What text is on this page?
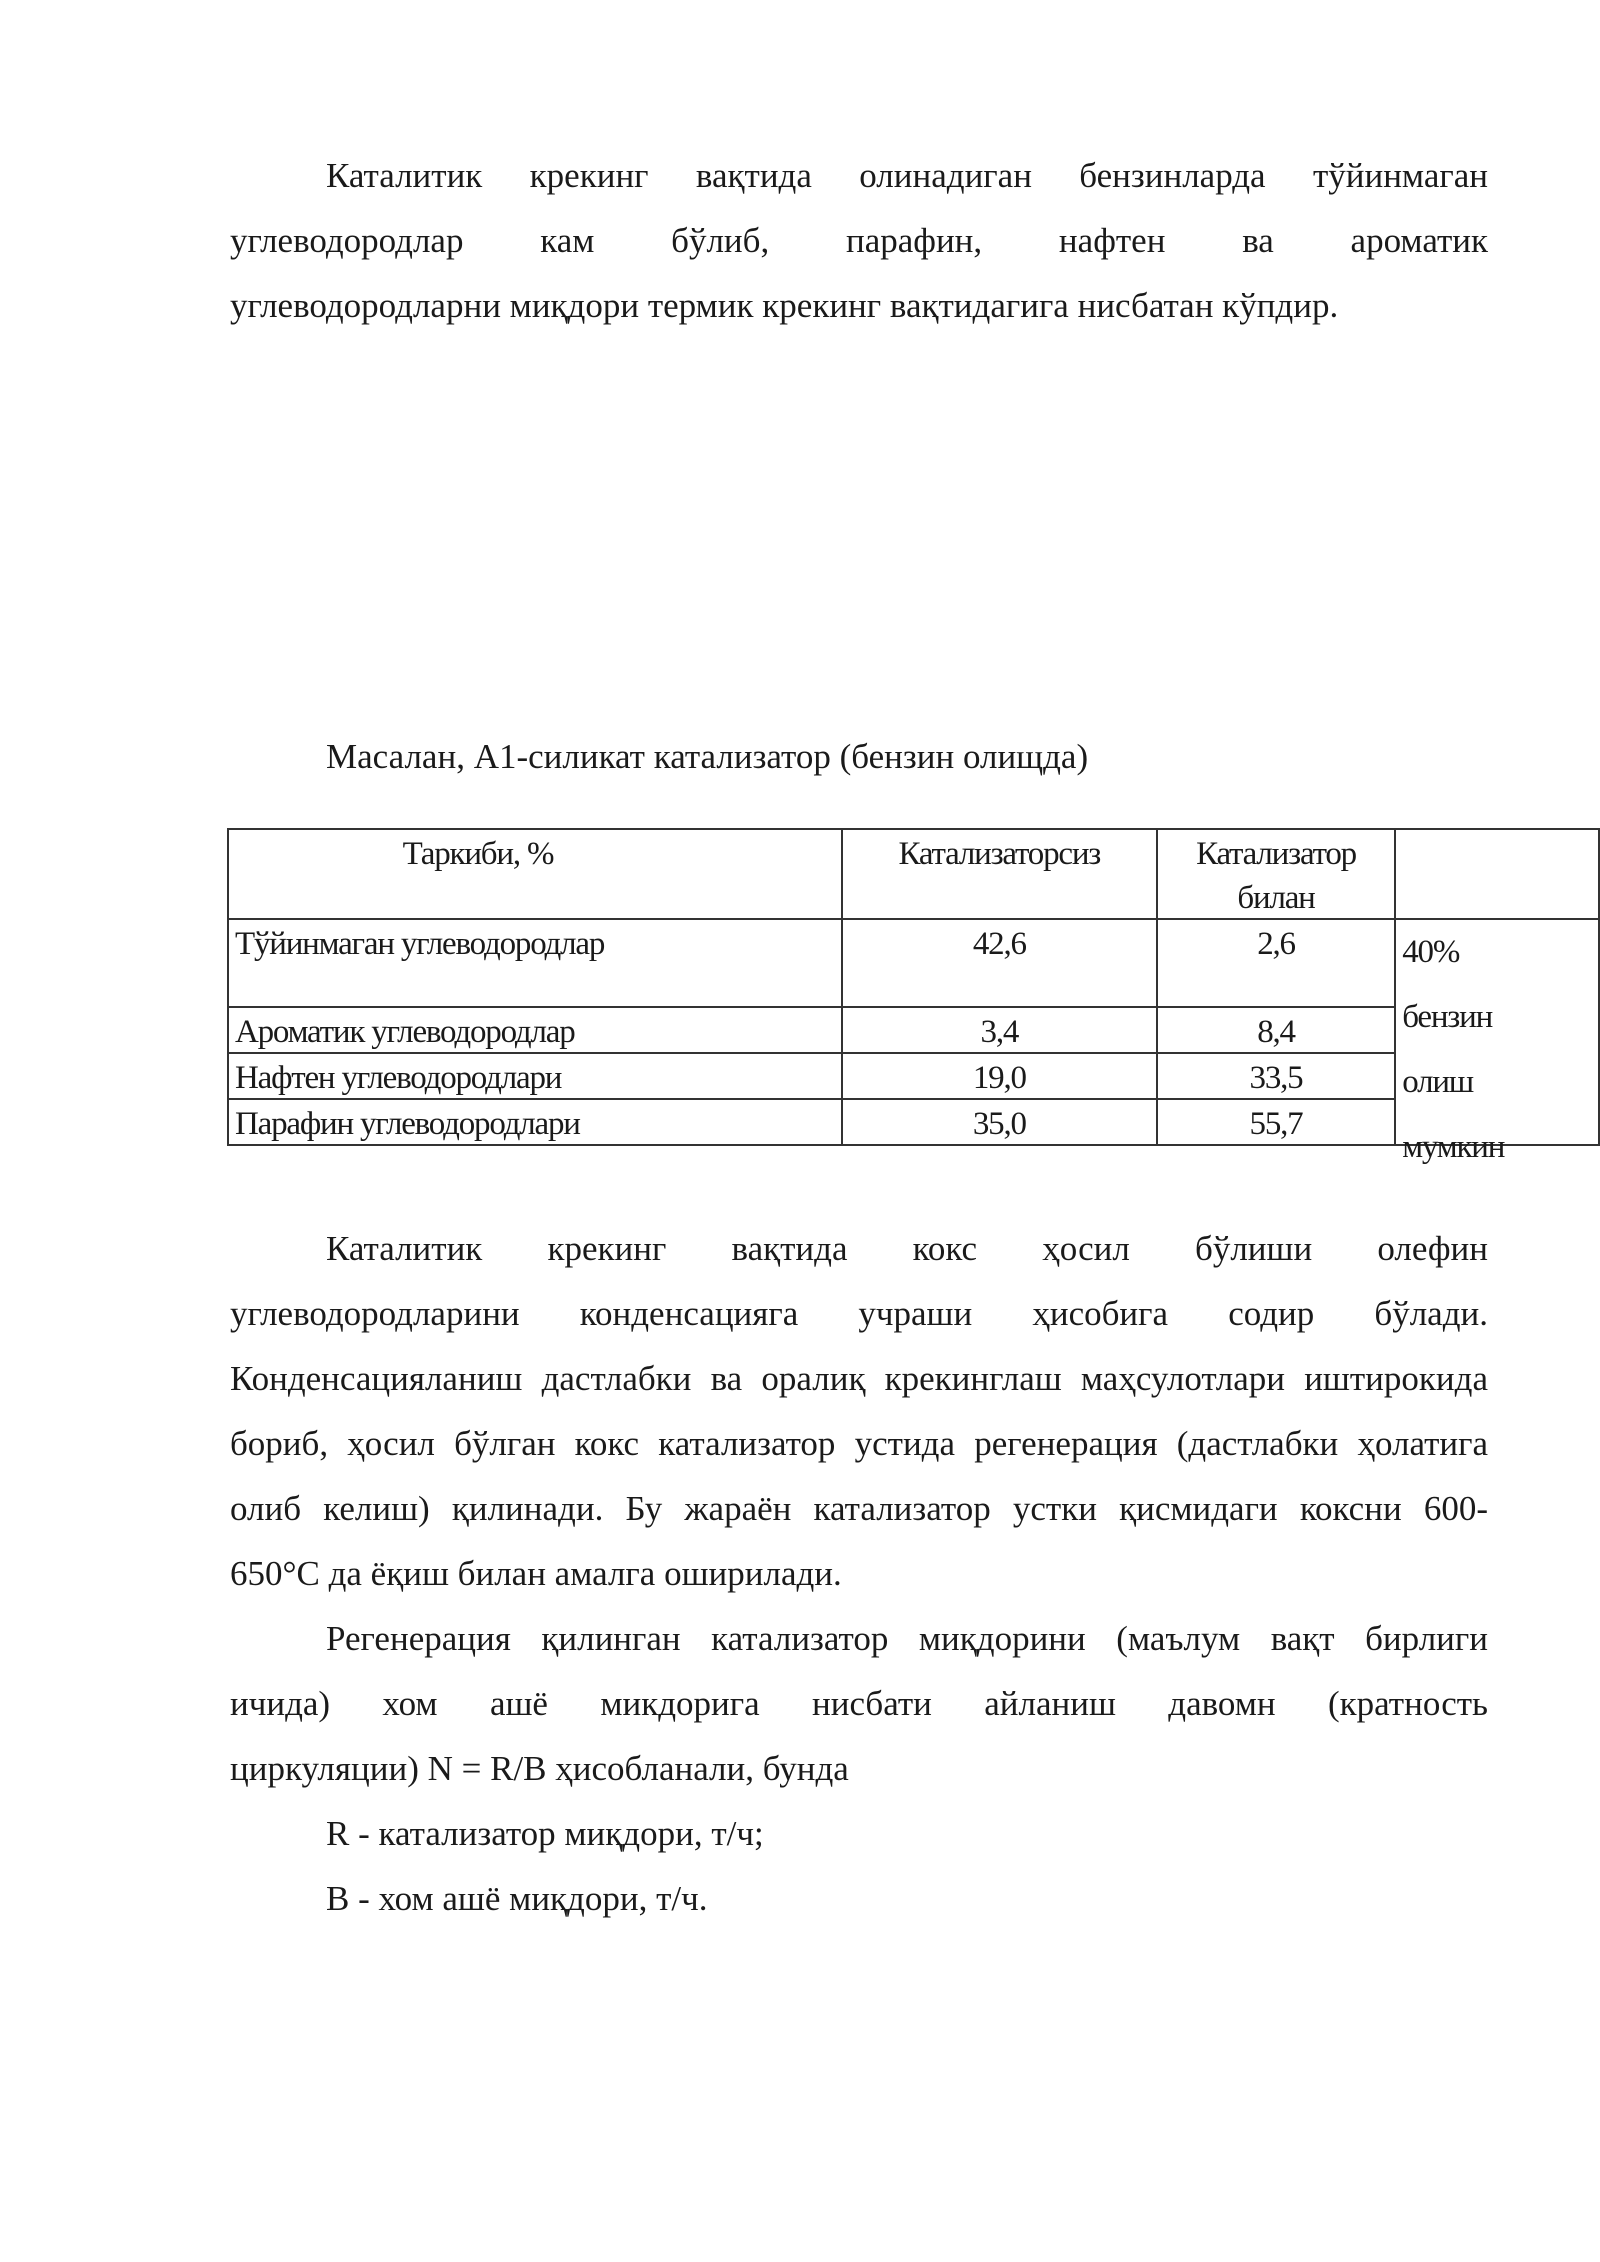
Каталитик крекинг вақтида олинадиган бензинларда тўйинмаган
углеводородлар кам бўлиб, парафин, нафтен ва ароматик
углеводородларни миқдори термик крекинг вақтидагига нисбатан кўпдир.
Масалан, А1-силикат катализатор (бензин олищда)
Таркиби, %	Катализаторсиз	Катализатор билан	

Тўйинмаган углеводородлар	42,6	2,6	40%
бензин
олиш
мумкин

Ароматик углеводородлар	3,4	8,4	

Нафтен углеводородлари	19,0	33,5	

Парафин углеводородлари	35,0	55,7	
Каталитик крекинг вақтида кокс ҳосил бўлиши олефин
углеводородларини конденсацияга учраши ҳисобига содир бўлади.
Конденсацияланиш дастлабки ва оралиқ крекинглаш маҳсулотлари иштирокида
бориб, ҳосил бўлган кокс катализатор устида регенерация (дастлабки ҳолатига
олиб келиш) қилинади. Бу жараён катализатор устки қисмидаги коксни 600-
650°С да ёқиш билан амалга оширилади.
Регенерация қилинган катализатор миқдорини (маълум вақт бирлиги
ичида) хом ашё микдорига нисбати айланиш давомн (кратность
циркуляции) N = R/В ҳисобланали, бунда
R - катализатор миқдори, т/ч;
В - хом ашё миқдори, т/ч.
